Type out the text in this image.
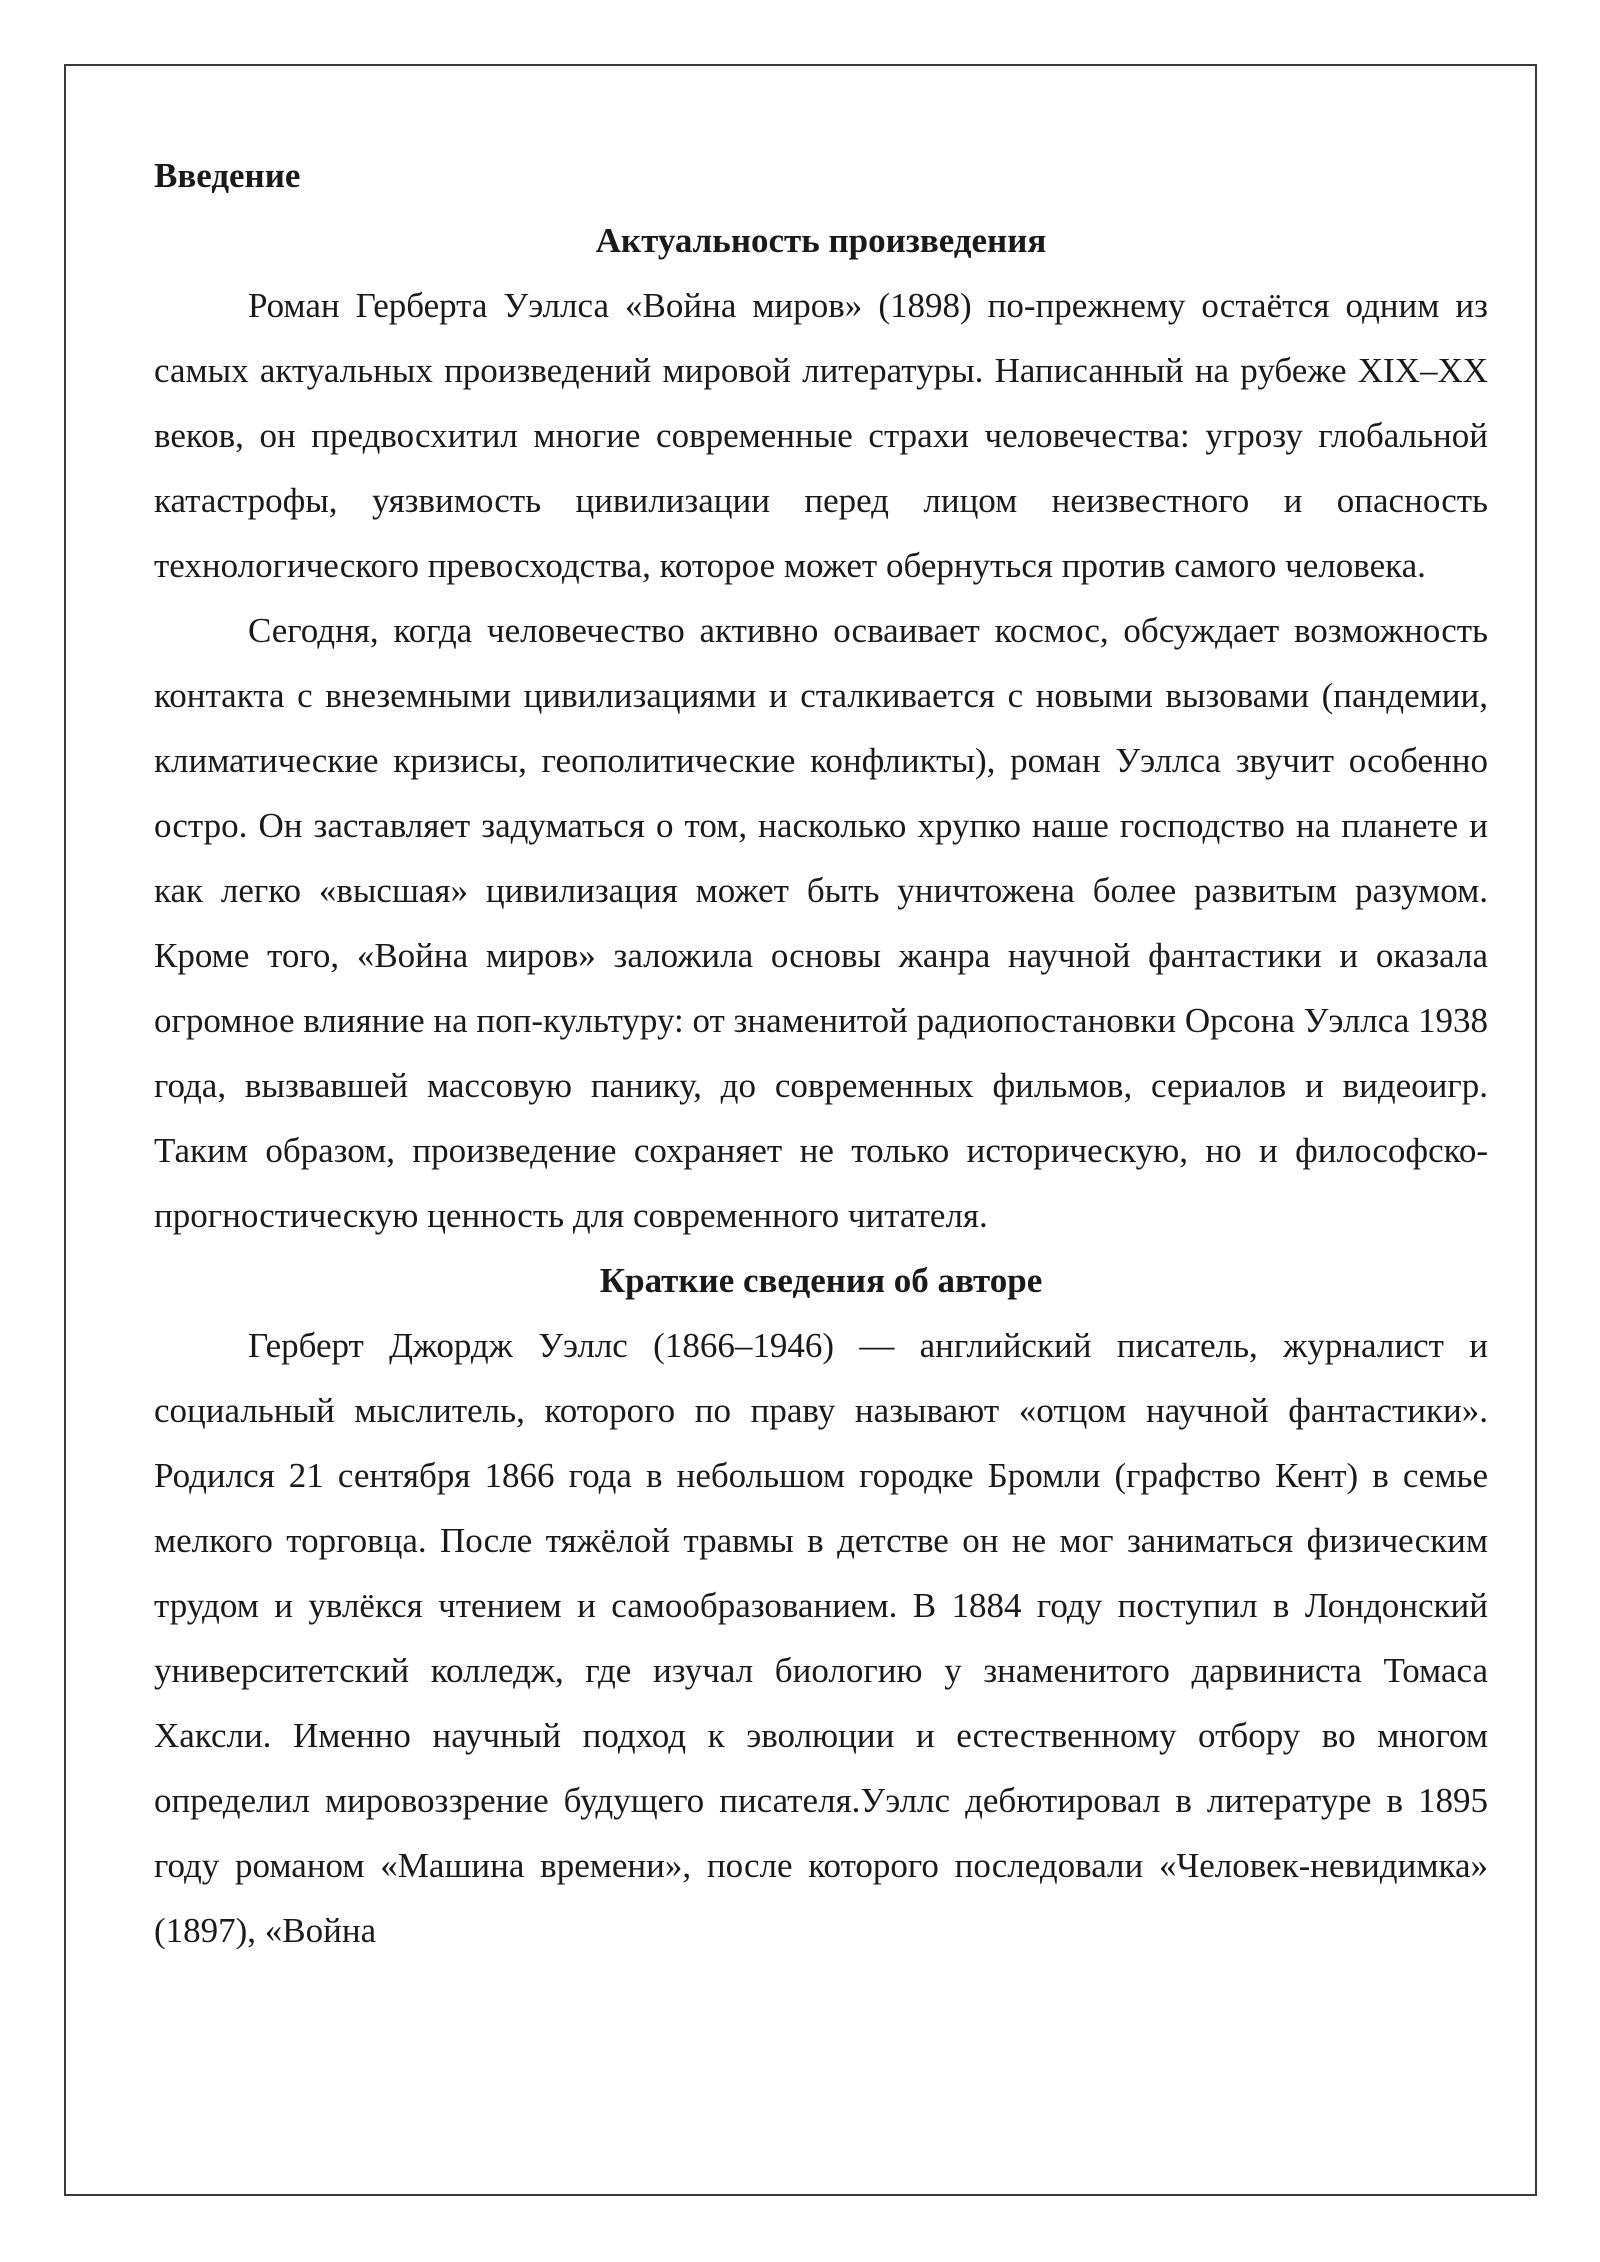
Введение

Актуальность произведения

Роман Герберта Уэллса «Война миров» (1898) по-прежнему остаётся одним из самых актуальных произведений мировой литературы. Написанный на рубеже XIX–XX веков, он предвосхитил многие современные страхи человечества: угрозу глобальной катастрофы, уязвимость цивилизации перед лицом неизвестного и опасность технологического превосходства, которое может обернуться против самого человека.

Сегодня, когда человечество активно осваивает космос, обсуждает возможность контакта с внеземными цивилизациями и сталкивается с новыми вызовами (пандемии, климатические кризисы, геополитические конфликты), роман Уэллса звучит особенно остро. Он заставляет задуматься о том, насколько хрупко наше господство на планете и как легко «высшая» цивилизация может быть уничтожена более развитым разумом. Кроме того, «Война миров» заложила основы жанра научной фантастики и оказала огромное влияние на поп-культуру: от знаменитой радиопостановки Орсона Уэллса 1938 года, вызвавшей массовую панику, до современных фильмов, сериалов и видеоигр. Таким образом, произведение сохраняет не только историческую, но и философско-прогностическую ценность для современного читателя.

Краткие сведения об авторе

Герберт Джордж Уэллс (1866–1946) — английский писатель, журналист и социальный мыслитель, которого по праву называют «отцом научной фантастики». Родился 21 сентября 1866 года в небольшом городке Бромли (графство Кент) в семье мелкого торговца. После тяжёлой травмы в детстве он не мог заниматься физическим трудом и увлёкся чтением и самообразованием. В 1884 году поступил в Лондонский университетский колледж, где изучал биологию у знаменитого дарвиниста Томаса Хаксли. Именно научный подход к эволюции и естественному отбору во многом определил мировоззрение будущего писателя.Уэллс дебютировал в литературе в 1895 году романом «Машина времени», после которого последовали «Человек-невидимка» (1897), «Война
